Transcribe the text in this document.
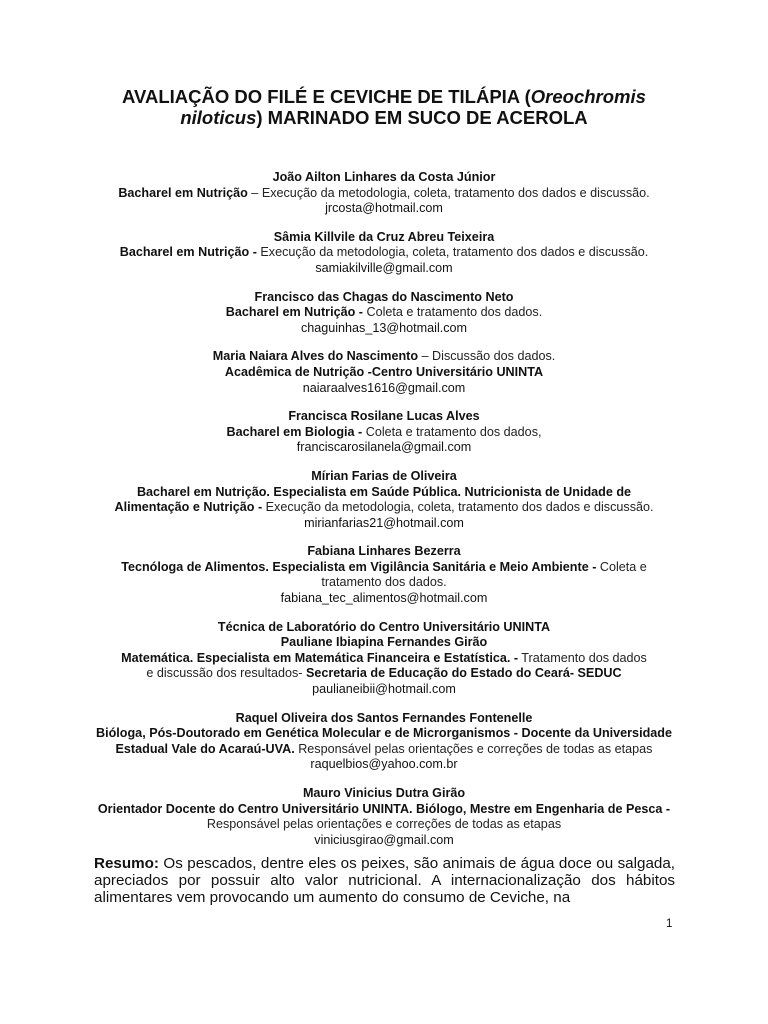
AVALIAÇÃO DO FILÉ E CEVICHE DE TILÁPIA (Oreochromis
niloticus) MARINADO EM SUCO DE ACEROLA
João Ailton Linhares da Costa Júnior
Bacharel em Nutrição – Execução da metodologia, coleta, tratamento dos dados e discussão.
jrcosta@hotmail.com
Sâmia Killvile da Cruz Abreu Teixeira
Bacharel em Nutrição - Execução da metodologia, coleta, tratamento dos dados e discussão.
samiakilville@gmail.com
Francisco das Chagas do Nascimento Neto
Bacharel em Nutrição - Coleta e tratamento dos dados.
chaguinhas_13@hotmail.com
Maria Naiara Alves do Nascimento – Discussão dos dados.
Acadêmica de Nutrição -Centro Universitário UNINTA
naiaraalves1616@gmail.com
Francisca Rosilane Lucas Alves
Bacharel em Biologia - Coleta e tratamento dos dados,
franciscarosilanela@gmail.com
Mírian Farias de Oliveira
Bacharel em Nutrição. Especialista em Saúde Pública. Nutricionista de Unidade de
Alimentação e Nutrição - Execução da metodologia, coleta, tratamento dos dados e discussão.
mirianfarias21@hotmail.com
Fabiana Linhares Bezerra
Tecnóloga de Alimentos. Especialista em Vigilância Sanitária e Meio Ambiente - Coleta e tratamento dos dados.
fabiana_tec_alimentos@hotmail.com
Técnica de Laboratório do Centro Universitário UNINTA
Pauliane Ibiapina Fernandes Girão
Matemática. Especialista em Matemática Financeira e Estatística. - Tratamento dos dados e discussão dos resultados- Secretaria de Educação do Estado do Ceará- SEDUC
paulianeibii@hotmail.com
Raquel Oliveira dos Santos Fernandes Fontenelle
Bióloga, Pós-Doutorado em Genética Molecular e de Microrganismos - Docente da Universidade Estadual Vale do Acaraú-UVA. Responsável pelas orientações e correções de todas as etapas
raquelbios@yahoo.com.br
Mauro Vinicius Dutra Girão
Orientador Docente do Centro Universitário UNINTA. Biólogo, Mestre em Engenharia de Pesca - Responsável pelas orientações e correções de todas as etapas
viniciusgirao@gmail.com
Resumo: Os pescados, dentre eles os peixes, são animais de água doce ou salgada, apreciados por possuir alto valor nutricional. A internacionalização dos hábitos alimentares vem provocando um aumento do consumo de Ceviche, na
1
